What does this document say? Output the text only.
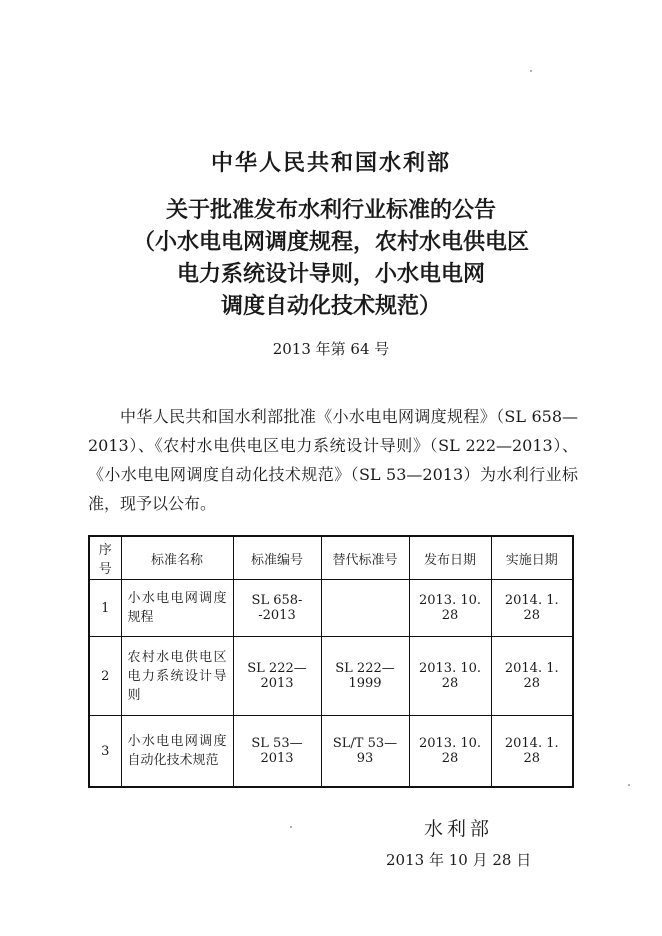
中华人民共和国水利部
关于批准发布水利行业标准的公告
（小水电电网调度规程，农村水电供电区
电力系统设计导则，小水电电网
调度自动化技术规范）
2013 年第 64 号

中华人民共和国水利部批准《小水电电网调度规程》（SL 658—2013）、《农村水电供电区电力系统设计导则》（SL 222—2013）、《小水电电网调度自动化技术规范》（SL 53—2013）为水利行业标准，现予以公布。

序号	标准名称	标准编号	替代标准号	发布日期	实施日期
1	小水电电网调度规程	SL 658--2013		2013. 10. 28	2014. 1. 28
2	农村水电供电区电力系统设计导则	SL 222—2013	SL 222—1999	2013. 10. 28	2014. 1. 28
3	小水电电网调度自动化技术规范	SL 53—2013	SL/T 53—93	2013. 10. 28	2014. 1. 28
水利部
2013 年 10 月 28 日
